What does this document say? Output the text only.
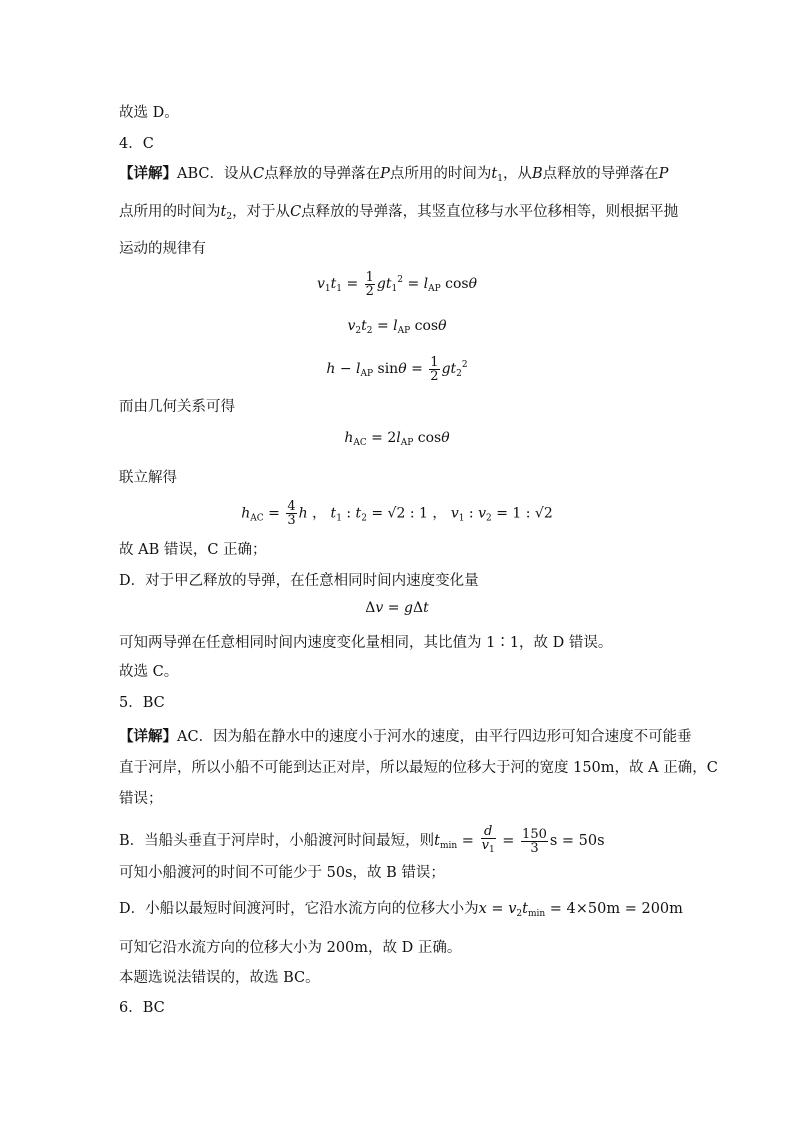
故选 D。
4．C
【详解】ABC．设从C点释放的导弹落在P点所用的时间为$t_1$，从B点释放的导弹落在P
点所用的时间为$t_2$，对于从C点释放的导弹落，其竖直位移与水平位移相等，则根据平抛
运动的规律有
$v_1t_1 = \frac{1}{2} gt_1^2 = l_{AP}$ cosθ
$v_2t_2 = l_{AP}$ cosθ
$h - l_{AP}$ $\sin\theta = \frac{1}{2} gt_2^2$
而由几何关系可得
$h_{AC} = 2l_{AP}$ cosθ
联立解得
$h_{AC} = \frac{4}{3}$ h ， $t_1$ : $t_2 = √2$ : 1 ， $v_1$ : $v_2 = 1$ : √2
故 AB 错误，C 正确；
D．对于甲乙释放的导弹，在任意相同时间内速度变化量
Δv = gΔt
可知两导弹在任意相同时间内速度变化量相同，其比值为 1∶1，故 D 错误。
故选 C。
5．BC
【详解】AC．因为船在静水中的速度小于河水的速度，由平行四边形可知合速度不可能垂
直于河岸，所以小船不可能到达正对岸，所以最短的位移大于河的宽度 150m，故 A 正确，C
错误；
B．当船头垂直于河岸时，小船渡河时间最短，则$t_{min} = \frac{d}{v_1} = \frac{150}{3}$ s = 50s
可知小船渡河的时间不可能少于 50s，故 B 错误；
D．小船以最短时间渡河时，它沿水流方向的位移大小为$x = v_2t_{min} = 4\times 50m = 200m$
可知它沿水流方向的位移大小为 200m，故 D 正确。
本题选说法错误的，故选 BC。
6．BC
